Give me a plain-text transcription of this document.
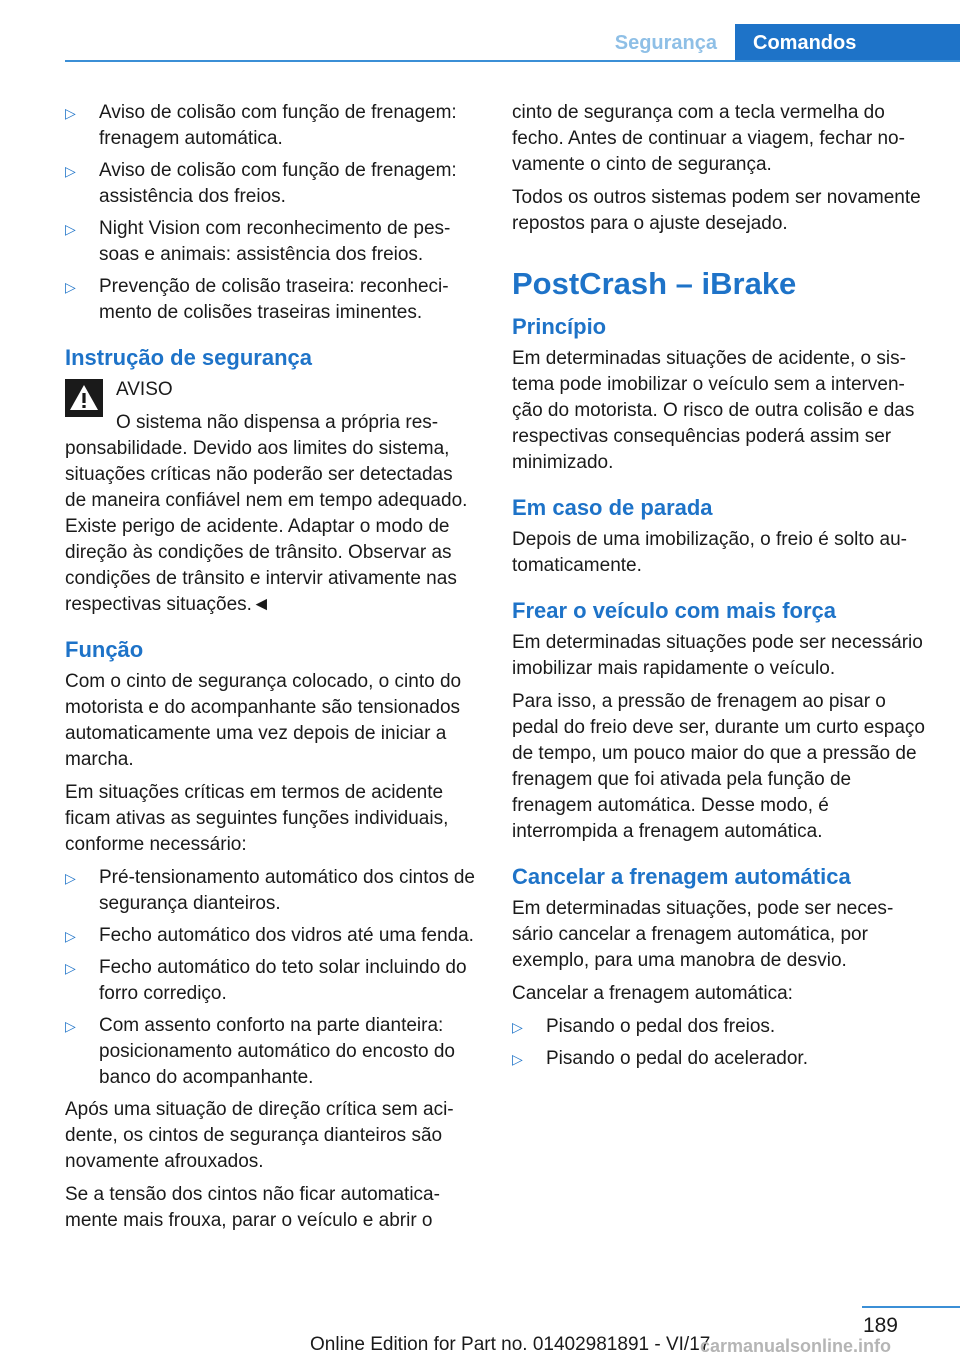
Segurança	Comandos
▷ Aviso de colisão com função de frenagem: frenagem automática.
▷ Aviso de colisão com função de frenagem: assistência dos freios.
▷ Night Vision com reconhecimento de pessoas e animais: assistência dos freios.
▷ Prevenção de colisão traseira: reconhecimento de colisões traseiras iminentes.
Instrução de segurança

AVISO

O sistema não dispensa a própria responsabilidade. Devido aos limites do sistema, situações críticas não poderão ser detectadas de maneira confiável nem em tempo adequado. Existe perigo de acidente. Adaptar o modo de direção às condições de trânsito. Observar as condições de trânsito e intervir ativamente nas respectivas situações.◄

Função

Com o cinto de segurança colocado, o cinto do motorista e do acompanhante são tensionados automaticamente uma vez depois de iniciar a marcha.

Em situações críticas em termos de acidente ficam ativas as seguintes funções individuais, conforme necessário:

▷ Pré-tensionamento automático dos cintos de segurança dianteiros.
▷ Fecho automático dos vidros até uma fenda.
▷ Fecho automático do teto solar incluindo do forro corrediço.
▷ Com assento conforto na parte dianteira: posicionamento automático do encosto do banco do acompanhante.

Após uma situação de direção crítica sem acidente, os cintos de segurança dianteiros são novamente afrouxados.

Se a tensão dos cintos não ficar automaticamente mais frouxa, parar o veículo e abrir o

cinto de segurança com a tecla vermelha do fecho. Antes de continuar a viagem, fechar novamente o cinto de segurança.

Todos os outros sistemas podem ser novamente repostos para o ajuste desejado.

PostCrash – iBrake
Princípio

Em determinadas situações de acidente, o sistema pode imobilizar o veículo sem a intervenção do motorista. O risco de outra colisão e das respectivas consequências poderá assim ser minimizado.

Em caso de parada

Depois de uma imobilização, o freio é solto automaticamente.

Frear o veículo com mais força

Em determinadas situações pode ser necessário imobilizar mais rapidamente o veículo.

Para isso, a pressão de frenagem ao pisar o pedal do freio deve ser, durante um curto espaço de tempo, um pouco maior do que a pressão de frenagem que foi ativada pela função de frenagem automática. Desse modo, é interrompida a frenagem automática.

Cancelar a frenagem automática

Em determinadas situações, pode ser necessário cancelar a frenagem automática, por exemplo, para uma manobra de desvio.

Cancelar a frenagem automática:

▷ Pisando o pedal dos freios.
▷ Pisando o pedal do acelerador.
189
Online Edition for Part no. 01402981891 - VI/17
carmanualsonline.info
